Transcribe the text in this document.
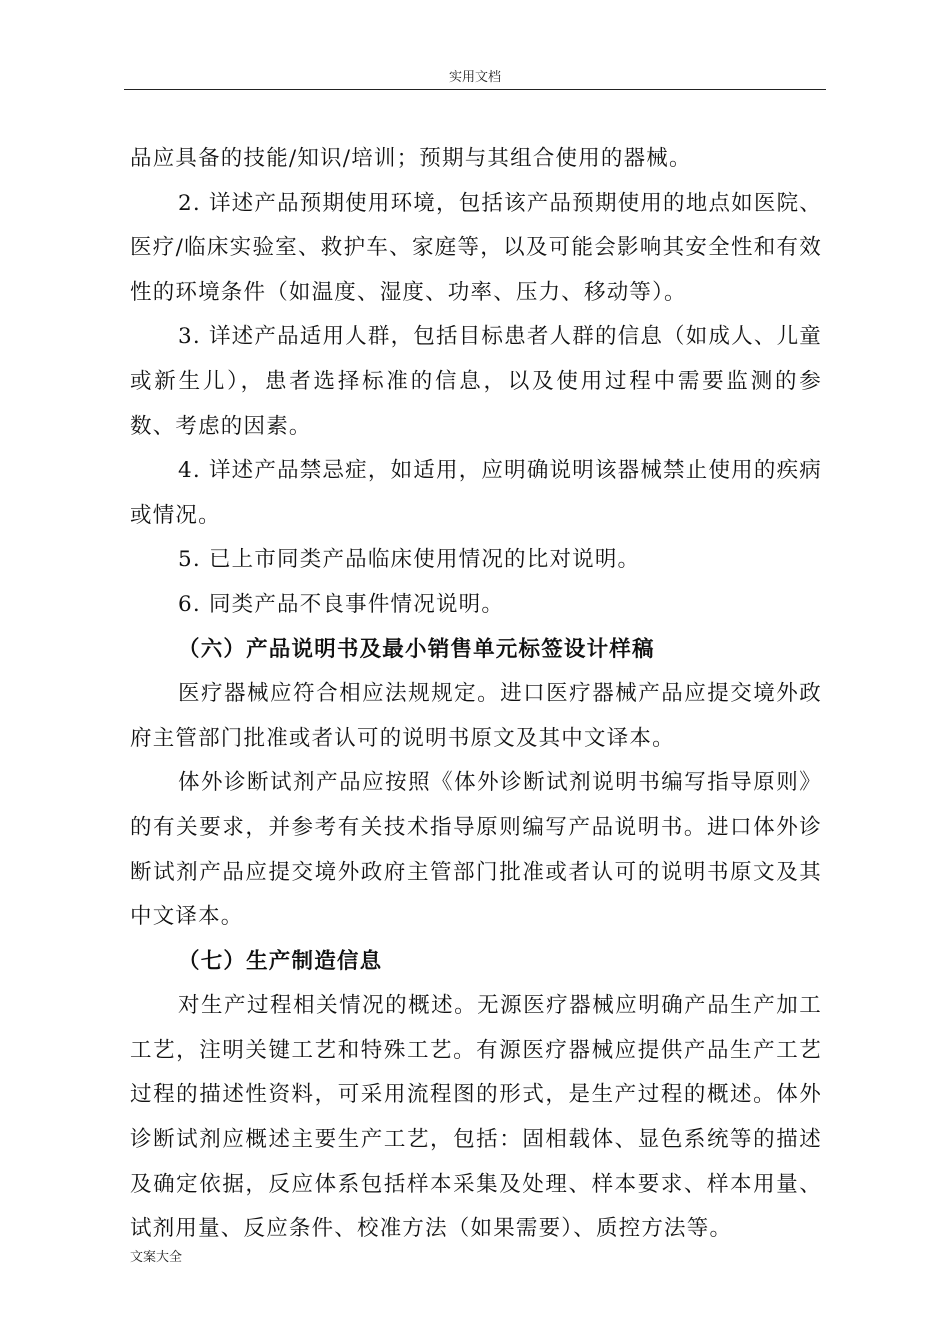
实用文档

品应具备的技能/知识/培训；预期与其组合使用的器械。

2. 详述产品预期使用环境，包括该产品预期使用的地点如医院、医疗/临床实验室、救护车、家庭等，以及可能会影响其安全性和有效性的环境条件（如温度、湿度、功率、压力、移动等）。

3. 详述产品适用人群，包括目标患者人群的信息（如成人、儿童或新生儿），患者选择标准的信息，以及使用过程中需要监测的参数、考虑的因素。

4. 详述产品禁忌症，如适用，应明确说明该器械禁止使用的疾病或情况。

5. 已上市同类产品临床使用情况的比对说明。

6. 同类产品不良事件情况说明。

（六）产品说明书及最小销售单元标签设计样稿

医疗器械应符合相应法规规定。进口医疗器械产品应提交境外政府主管部门批准或者认可的说明书原文及其中文译本。

体外诊断试剂产品应按照《体外诊断试剂说明书编写指导原则》的有关要求，并参考有关技术指导原则编写产品说明书。进口体外诊断试剂产品应提交境外政府主管部门批准或者认可的说明书原文及其中文译本。

（七）生产制造信息

对生产过程相关情况的概述。无源医疗器械应明确产品生产加工工艺，注明关键工艺和特殊工艺。有源医疗器械应提供产品生产工艺过程的描述性资料，可采用流程图的形式，是生产过程的概述。体外诊断试剂应概述主要生产工艺，包括：固相载体、显色系统等的描述及确定依据，反应体系包括样本采集及处理、样本要求、样本用量、试剂用量、反应条件、校准方法（如果需要）、质控方法等。

文案大全
